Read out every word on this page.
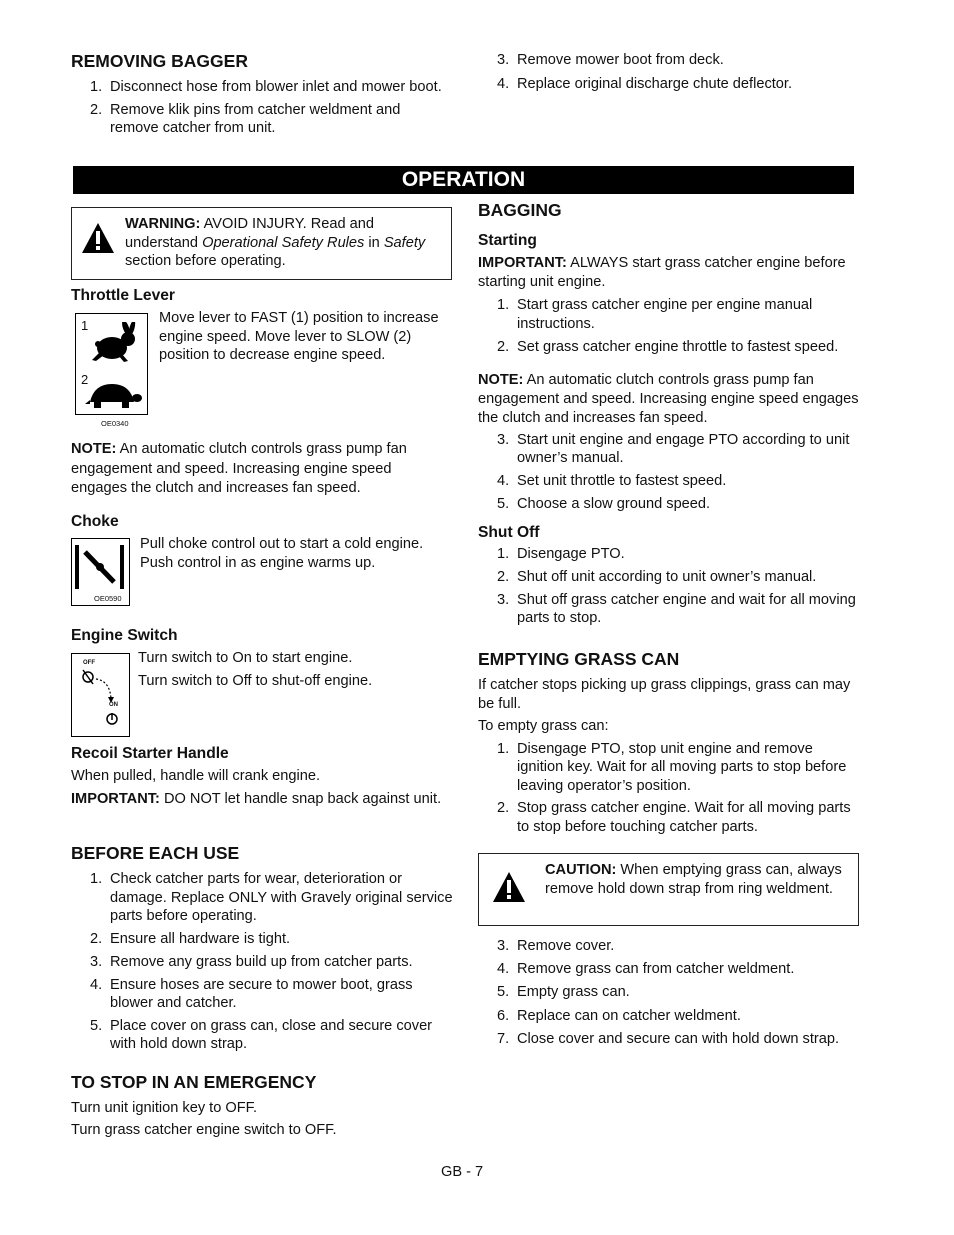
REMOVING BAGGER
1. Disconnect hose from blower inlet and mower boot.
2. Remove klik pins from catcher weldment and remove catcher from unit.
3. Remove mower boot from deck.
4. Replace original discharge chute deflector.
OPERATION

WARNING: AVOID INJURY. Read and understand Operational Safety Rules in Safety section before operating.

Throttle Lever
1
2
OE0340

Move lever to FAST (1) position to increase engine speed. Move lever to SLOW (2) position to decrease engine speed.

NOTE: An automatic clutch controls grass pump fan engagement and speed. Increasing engine speed engages the clutch and increases fan speed.

Choke
OE0590

Pull choke control out to start a cold engine. Push control in as engine warms up.

Engine Switch
OFF
ON

Turn switch to On to start engine.

Turn switch to Off to shut-off engine.

Recoil Starter Handle

When pulled, handle will crank engine.

IMPORTANT: DO NOT let handle snap back against unit.

BEFORE EACH USE
1. Check catcher parts for wear, deterioration or damage. Replace ONLY with Gravely original service parts before operating.
2. Ensure all hardware is tight.
3. Remove any grass build up from catcher parts.
4. Ensure hoses are secure to mower boot, grass blower and catcher.
5. Place cover on grass can, close and secure cover with hold down strap.
TO STOP IN AN EMERGENCY

Turn unit ignition key to OFF.

Turn grass catcher engine switch to OFF.

BAGGING
Starting

IMPORTANT: ALWAYS start grass catcher engine before starting unit engine.

1. Start grass catcher engine per engine manual instructions.
2. Set grass catcher engine throttle to fastest speed.

NOTE: An automatic clutch controls grass pump fan engagement and speed. Increasing engine speed engages the clutch and increases fan speed.

3. Start unit engine and engage PTO according to unit owner’s manual.
4. Set unit throttle to fastest speed.
5. Choose a slow ground speed.
Shut Off
1. Disengage PTO.
2. Shut off unit according to unit owner’s manual.
3. Shut off grass catcher engine and wait for all moving parts to stop.
EMPTYING GRASS CAN

If catcher stops picking up grass clippings, grass can may be full.

To empty grass can:

1. Disengage PTO, stop unit engine and remove ignition key. Wait for all moving parts to stop before leaving operator’s position.
2. Stop grass catcher engine. Wait for all moving parts to stop before touching catcher parts.

CAUTION: When emptying grass can, always remove hold down strap from ring weldment.

3. Remove cover.
4. Remove grass can from catcher weldment.
5. Empty grass can.
6. Replace can on catcher weldment.
7. Close cover and secure can with hold down strap.
GB - 7
